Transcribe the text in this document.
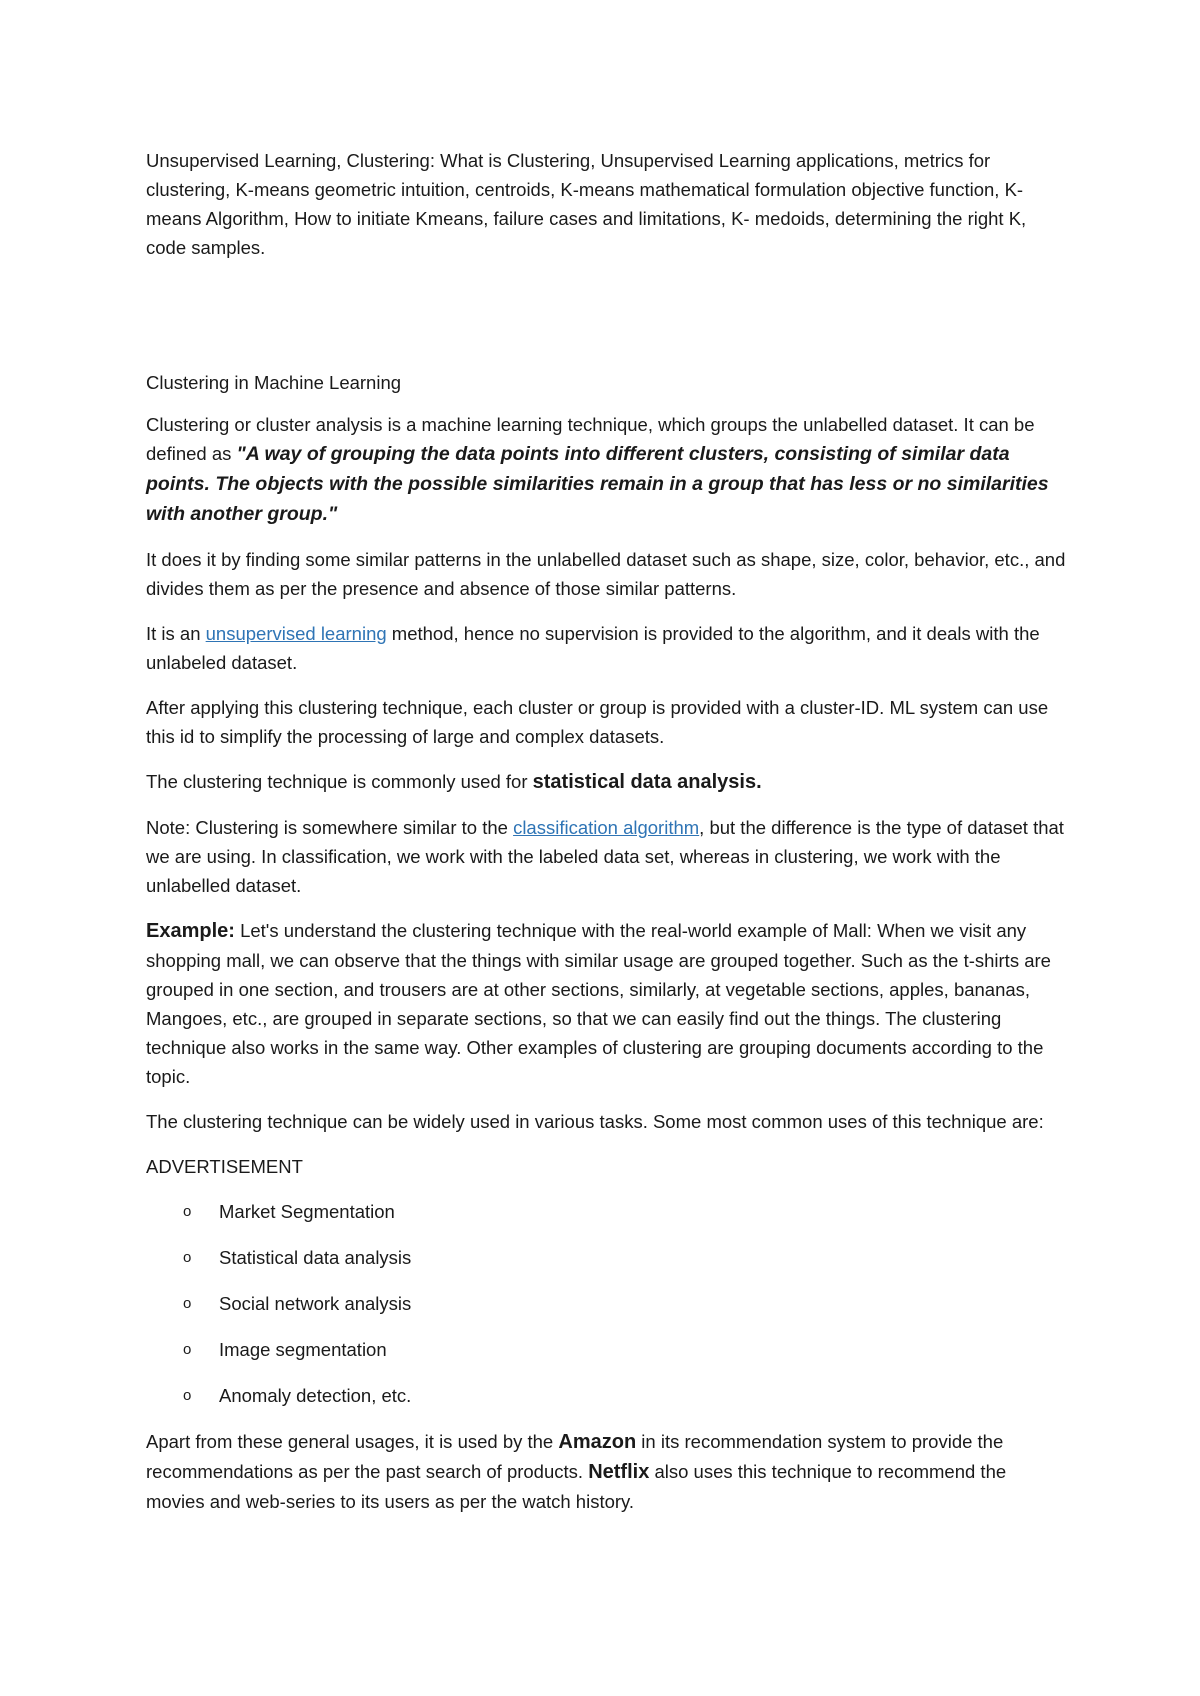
Unsupervised Learning, Clustering: What is Clustering, Unsupervised Learning applications, metrics for clustering, K-means geometric intuition, centroids, K-means mathematical formulation objective function, K-means Algorithm, How to initiate Kmeans, failure cases and limitations, K- medoids, determining the right K, code samples.

Clustering in Machine Learning

Clustering or cluster analysis is a machine learning technique, which groups the unlabelled dataset. It can be defined as "A way of grouping the data points into different clusters, consisting of similar data points. The objects with the possible similarities remain in a group that has less or no similarities with another group."

It does it by finding some similar patterns in the unlabelled dataset such as shape, size, color, behavior, etc., and divides them as per the presence and absence of those similar patterns.

It is an unsupervised learning method, hence no supervision is provided to the algorithm, and it deals with the unlabeled dataset.

After applying this clustering technique, each cluster or group is provided with a cluster-ID. ML system can use this id to simplify the processing of large and complex datasets.

The clustering technique is commonly used for statistical data analysis.

Note: Clustering is somewhere similar to the classification algorithm, but the difference is the type of dataset that we are using. In classification, we work with the labeled data set, whereas in clustering, we work with the unlabelled dataset.

Example: Let's understand the clustering technique with the real-world example of Mall: When we visit any shopping mall, we can observe that the things with similar usage are grouped together. Such as the t-shirts are grouped in one section, and trousers are at other sections, similarly, at vegetable sections, apples, bananas, Mangoes, etc., are grouped in separate sections, so that we can easily find out the things. The clustering technique also works in the same way. Other examples of clustering are grouping documents according to the topic.

The clustering technique can be widely used in various tasks. Some most common uses of this technique are:

ADVERTISEMENT

o Market Segmentation
o Statistical data analysis
o Social network analysis
o Image segmentation
o Anomaly detection, etc.

Apart from these general usages, it is used by the Amazon in its recommendation system to provide the recommendations as per the past search of products. Netflix also uses this technique to recommend the movies and web-series to its users as per the watch history.
